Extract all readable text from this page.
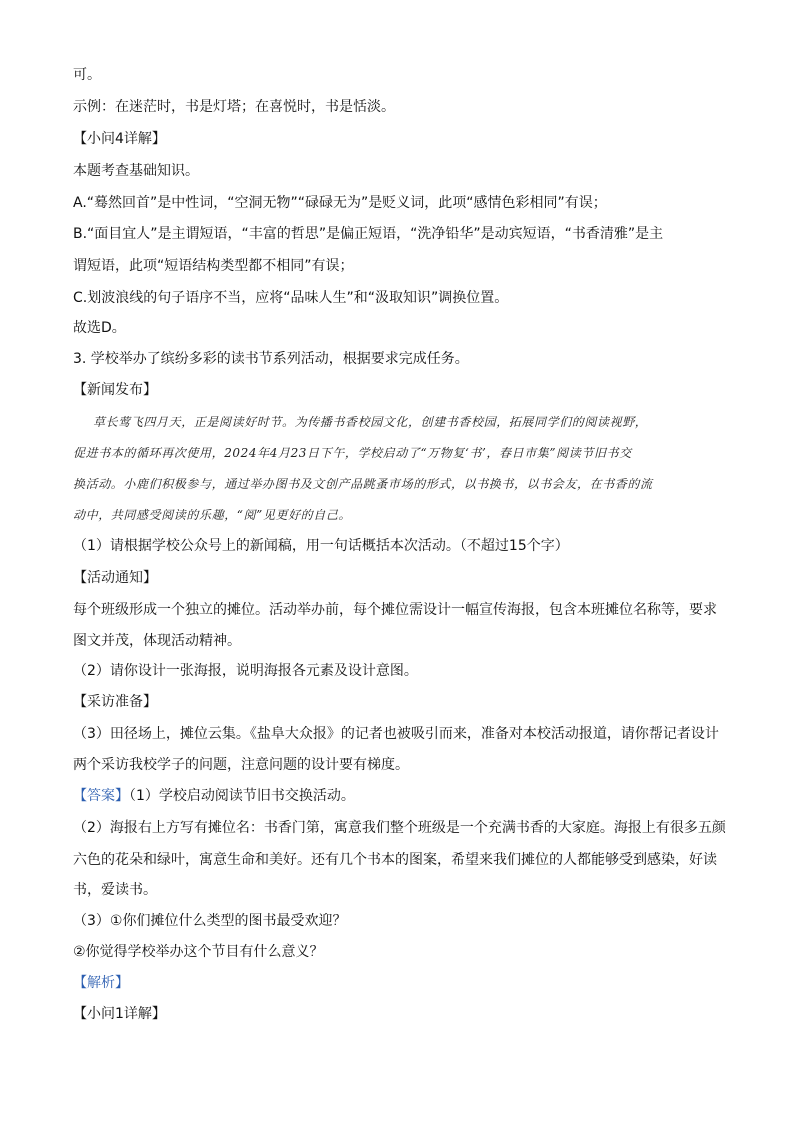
可。
示例：在迷茫时，书是灯塔；在喜悦时，书是恬淡。
【小问4详解】
本题考查基础知识。
A.“蓦然回首”是中性词，“空洞无物”“碌碌无为”是贬义词，此项“感情色彩相同”有误；
B.“面目宜人”是主谓短语，“丰富的哲思”是偏正短语，“洗净铅华”是动宾短语，“书香清雅”是主
谓短语，此项“短语结构类型都不相同”有误；
C.划波浪线的句子语序不当，应将“品味人生”和“汲取知识”调换位置。
故选D。
3. 学校举办了缤纷多彩的读书节系列活动，根据要求完成任务。
【新闻发布】
草长莺飞四月天，正是阅读好时节。为传播书香校园文化，创建书香校园，拓展同学们的阅读视野，
促进书本的循环再次使用，2024年4月23日下午，学校启动了“万物复‘书’，春日市集”阅读节旧书交
换活动。小鹿们积极参与，通过举办图书及文创产品跳蚤市场的形式，以书换书，以书会友，在书香的流
动中，共同感受阅读的乐趣，“阅”见更好的自己。
（1）请根据学校公众号上的新闻稿，用一句话概括本次活动。（不超过15个字）
【活动通知】
每个班级形成一个独立的摊位。活动举办前，每个摊位需设计一幅宣传海报，包含本班摊位名称等，要求
图文并茂，体现活动精神。
（2）请你设计一张海报，说明海报各元素及设计意图。
【采访准备】
（3）田径场上，摊位云集。《盐阜大众报》的记者也被吸引而来，准备对本校活动报道，请你帮记者设计
两个采访我校学子的问题，注意问题的设计要有梯度。
【答案】（1）学校启动阅读节旧书交换活动。
（2）海报右上方写有摊位名：书香门第，寓意我们整个班级是一个充满书香的大家庭。海报上有很多五颜
六色的花朵和绿叶，寓意生命和美好。还有几个书本的图案，希望来我们摊位的人都能够受到感染，好读
书，爱读书。
（3）①你们摊位什么类型的图书最受欢迎？
②你觉得学校举办这个节目有什么意义？
【解析】
【小问1详解】
